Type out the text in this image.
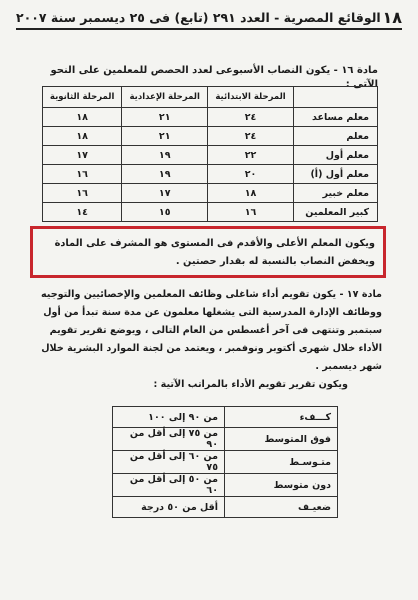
١٨
الوقائع المصرية - العدد ٢٩١ (تابع) فى ٢٥ ديسمبر سنة ٢٠٠٧
مادة ١٦ - يكون النصاب الأسبوعى لعدد الحصص للمعلمين على النحو الآتى :
	المرحلة الابتدائية	المرحلة الإعدادية	المرحلة الثانوية
معلم مساعد	٢٤	٢١	١٨
معلم	٢٤	٢١	١٨
معلم أول	٢٢	١٩	١٧
معلم أول (أ)	٢٠	١٩	١٦
معلم خبير	١٨	١٧	١٦
كبير المعلمين	١٦	١٥	١٤
ويكون المعلم الأعلى والأقدم فى المستوى هو المشرف على المادة ويخفض النصاب بالنسبة له بقدار حصتين .
مادة ١٧ - يكون تقويم أداء شاغلى وظائف المعلمين والإخصائيين والتوجيه ووظائف الإدارة المدرسية التى يشغلها معلمون عن مدة سنة تبدأ من أول سبتمبر وتنتهى فى آخر أغسطس من العام التالى ، ويوضع تقرير تقويم الأداء خلال شهرى أكتوبر ونوفمبر ، ويعتمد من لجنة الموارد البشرية خلال شهر ديسمبر .
ويكون تقرير تقويم الأداء بالمراتب الآتية :
كـــفء	من ٩٠ إلى ١٠٠
فوق المتوسط	من ٧٥ إلى أقل من ٩٠
متـوسـط	من ٦٠ إلى أقل من ٧٥
دون متوسط	من ٥٠ إلى أقل من ٦٠
ضعيـف	أقل من ٥٠ درجة
